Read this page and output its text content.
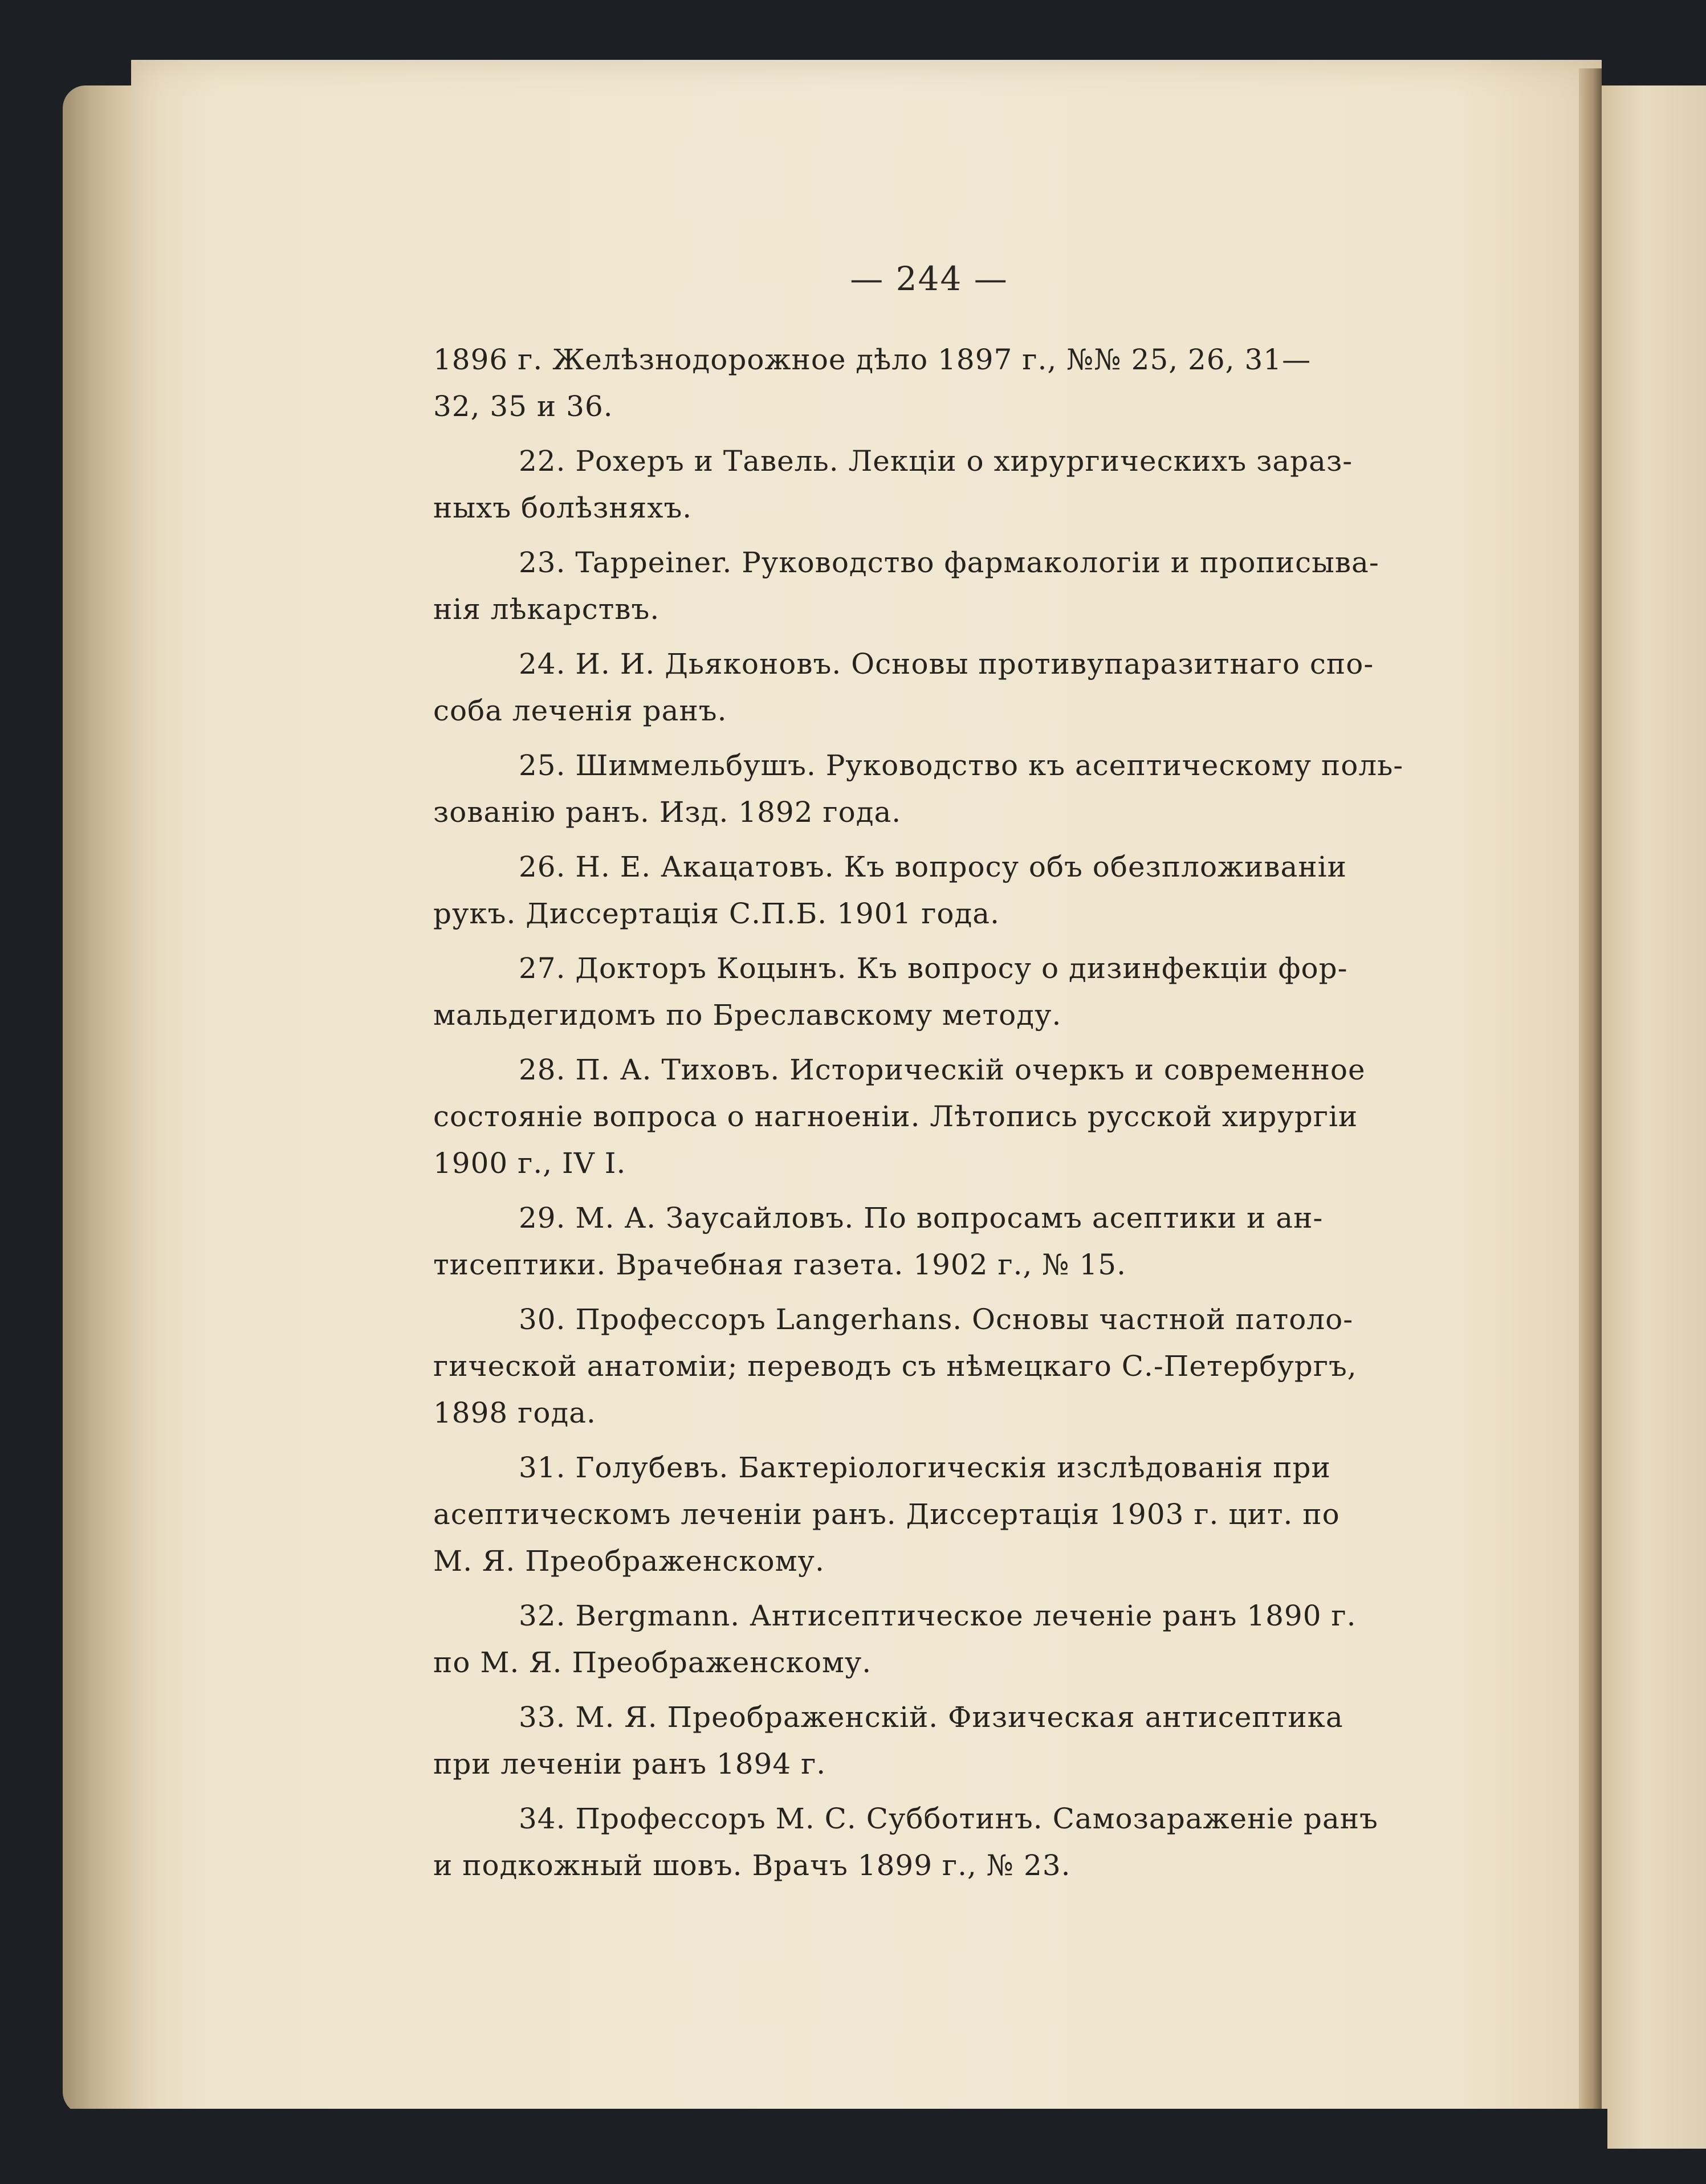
— 244 —

1896 г. Желѣзнодорожное дѣло 1897 г., №№ 25, 26, 31—
32, 35 и 36.

22. Рохеръ и Тавель. Лекціи о хирургическихъ зараз-
ныхъ болѣзняхъ.

23. Tappeiner. Руководство фармакологіи и прописыва-
нія лѣкарствъ.

24. И. И. Дьяконовъ. Основы противупаразитнаго спо-
соба леченія ранъ.

25. Шиммельбушъ. Руководство къ асептическому поль-
зованію ранъ. Изд. 1892 года.

26. Н. Е. Акацатовъ. Къ вопросу объ обезпложиваніи
рукъ. Диссертація С.П.Б. 1901 года.

27. Докторъ Коцынъ. Къ вопросу о дизинфекціи фор-
мальдегидомъ по Бреславскому методу.

28. П. А. Тиховъ. Историческій очеркъ и современное
состояніе вопроса о нагноеніи. Лѣтопись русской хирургіи
1900 г., IV I.

29. М. А. Заусайловъ. По вопросамъ асептики и ан-
тисептики. Врачебная газета. 1902 г., № 15.

30. Профессоръ Langerhans. Основы частной патоло-
гической анатоміи; переводъ съ нѣмецкаго С.-Петербургъ,
1898 года.

31. Голубевъ. Бактеріологическія изслѣдованія при
асептическомъ леченіи ранъ. Диссертація 1903 г. цит. по
М. Я. Преображенскому.

32. Bergmann. Антисептическое леченіе ранъ 1890 г.
по М. Я. Преображенскому.

33. М. Я. Преображенскій. Физическая антисептика
при леченіи ранъ 1894 г.

34. Профессоръ М. С. Субботинъ. Самозараженіе ранъ
и подкожный шовъ. Врачъ 1899 г., № 23.
